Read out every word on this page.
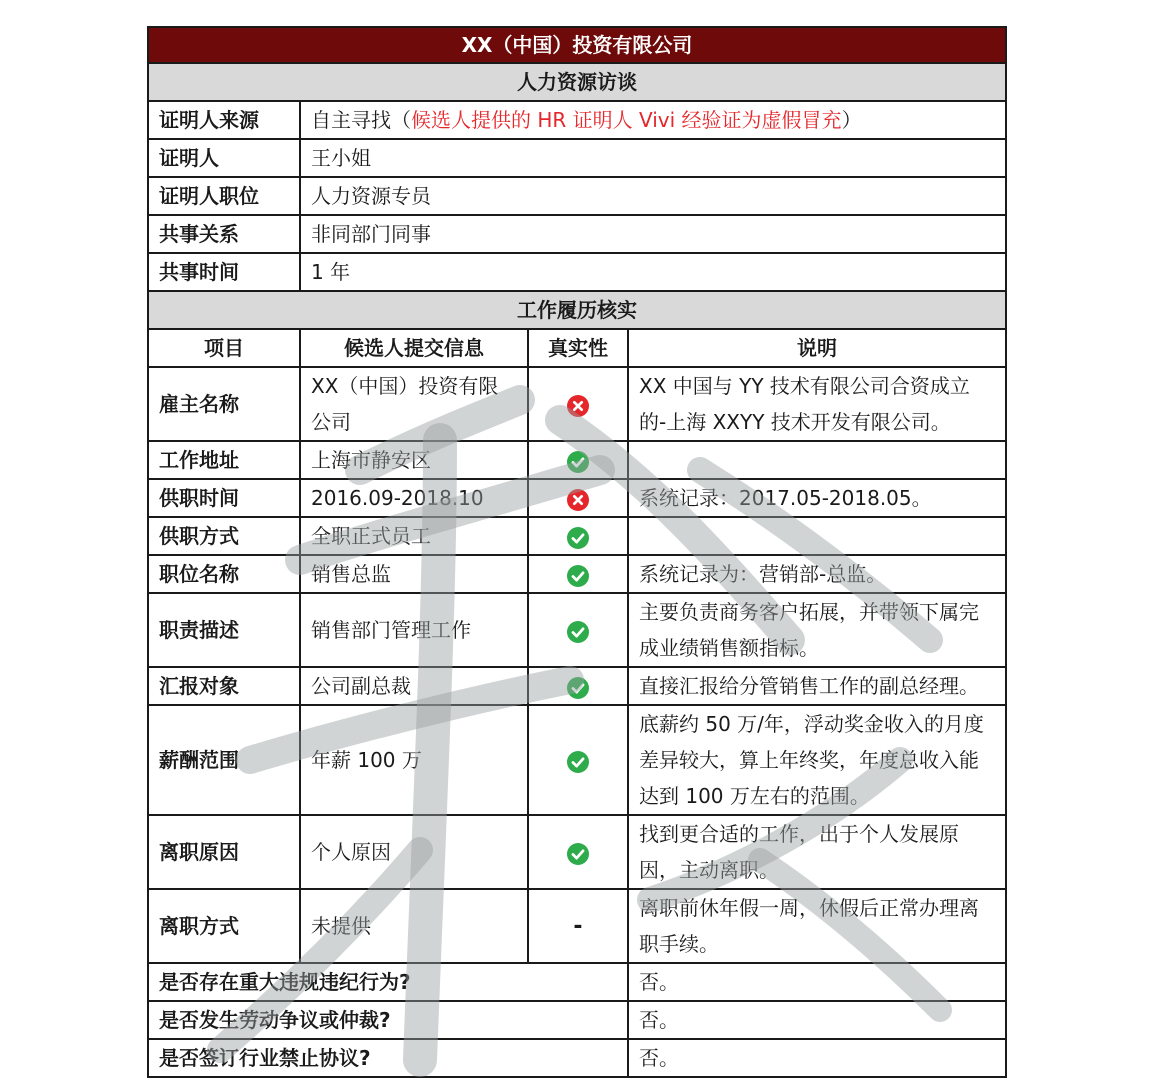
XX（中国）投资有限公司			
人力资源访谈			
证明人来源	自主寻找（候选人提供的 HR 证明人 Vivi 经验证为虚假冒充）		
证明人	王小姐		
证明人职位	人力资源专员		
共事关系	非同部门同事		
共事时间	1 年		
工作履历核实			
项目	候选人提交信息	真实性	说明
雇主名称	XX（中国）投资有限公司		XX 中国与 YY 技术有限公司合资成立的-上海 XXYY 技术开发有限公司。
工作地址	上海市静安区		
供职时间	2016.09-2018.10		系统记录：2017.05-2018.05。
供职方式	全职正式员工		
职位名称	销售总监		系统记录为：营销部-总监。
职责描述	销售部门管理工作		主要负责商务客户拓展，并带领下属完成业绩销售额指标。
汇报对象	公司副总裁		直接汇报给分管销售工作的副总经理。
薪酬范围	年薪 100 万		底薪约 50 万/年，浮动奖金收入的月度差异较大，算上年终奖，年度总收入能达到 100 万左右的范围。
离职原因	个人原因		找到更合适的工作，出于个人发展原因，主动离职。
离职方式	未提供	-	离职前休年假一周，休假后正常办理离职手续。
是否存在重大违规违纪行为?			否。
是否发生劳动争议或仲裁?			否。
是否签订行业禁止协议?			否。
